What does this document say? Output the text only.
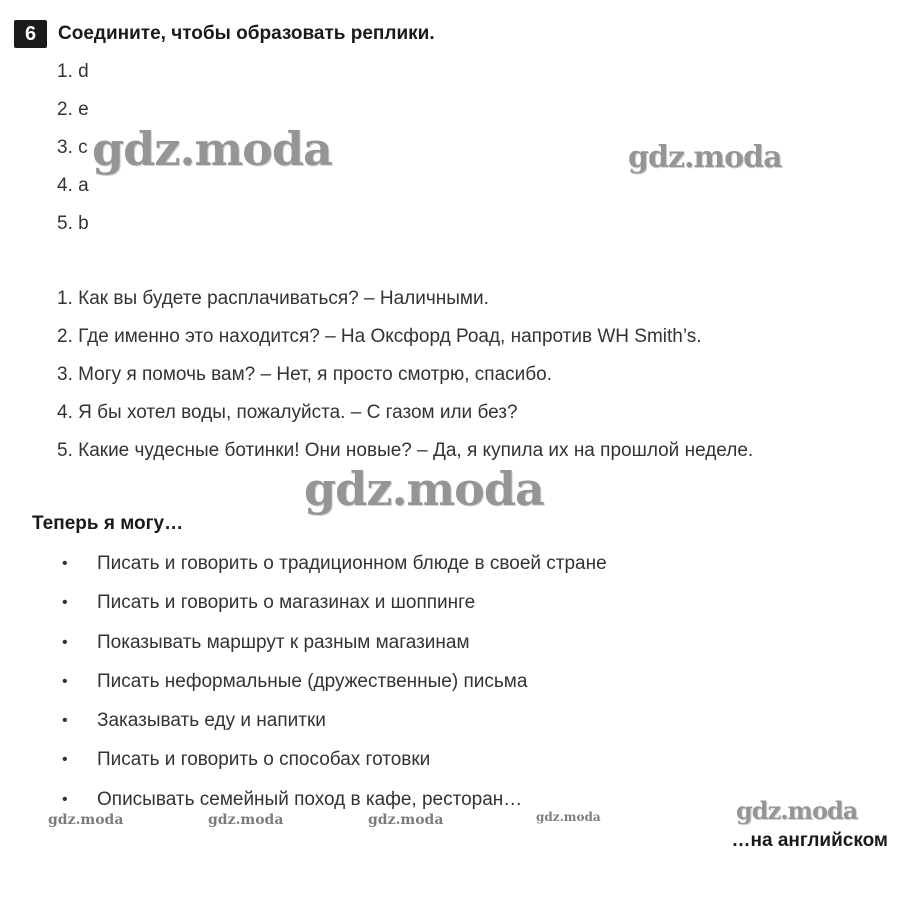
6	Соедините, чтобы образовать реплики.
1. d
2. e
3. c
4. a
5. b
1. Как вы будете расплачиваться? – Наличными.
2. Где именно это находится? – На Оксфорд Роад, напротив WH Smith’s.
3. Могу я помочь вам? – Нет, я просто смотрю, спасибо.
4. Я бы хотел воды, пожалуйста. – С газом или без?
5. Какие чудесные ботинки! Они новые? – Да, я купила их на прошлой неделе.
Теперь я могу…
•	Писать и говорить о традиционном блюде в своей стране
•	Писать и говорить о магазинах и шоппинге
•	Показывать маршрут к разным магазинам
•	Писать неформальные (дружественные) письма
•	Заказывать еду и напитки
•	Писать и говорить о способах готовки
•	Описывать семейный поход в кафе, ресторан…
…на английском
gdz.moda	gdz.moda
gdz.moda
gdz.moda
gdz.moda	gdz.moda	gdz.moda	gdz.moda
